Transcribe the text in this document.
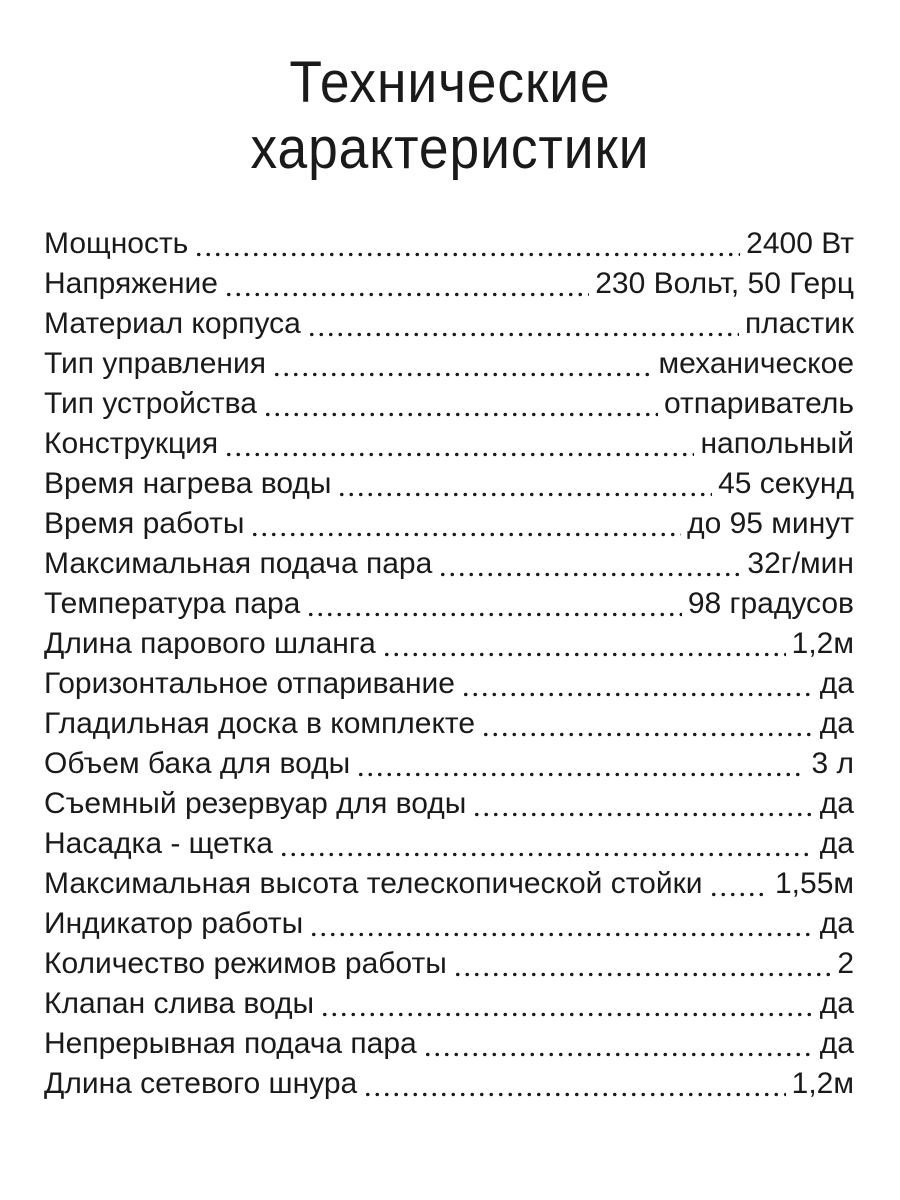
Технические
характеристики
Мощность	2400 Вт
Напряжение	230 Вольт, 50 Герц
Материал корпуса	пластик
Тип управления	механическое
Тип устройства	отпариватель
Конструкция	напольный
Время нагрева воды	45 секунд
Время работы	до 95 минут
Максимальная подача пара	32г/мин
Температура пара	98 градусов
Длина парового шланга	1,2м
Горизонтальное отпаривание	да
Гладильная доска в комплекте	да
Объем бака для воды	3 л
Съемный резервуар для воды	да
Насадка - щетка	да
Максимальная высота телескопической стойки 1,55м
Индикатор работы	да
Количество режимов работы	2
Клапан слива воды	да
Непрерывная подача пара	да
Длина сетевого шнура	1,2м
